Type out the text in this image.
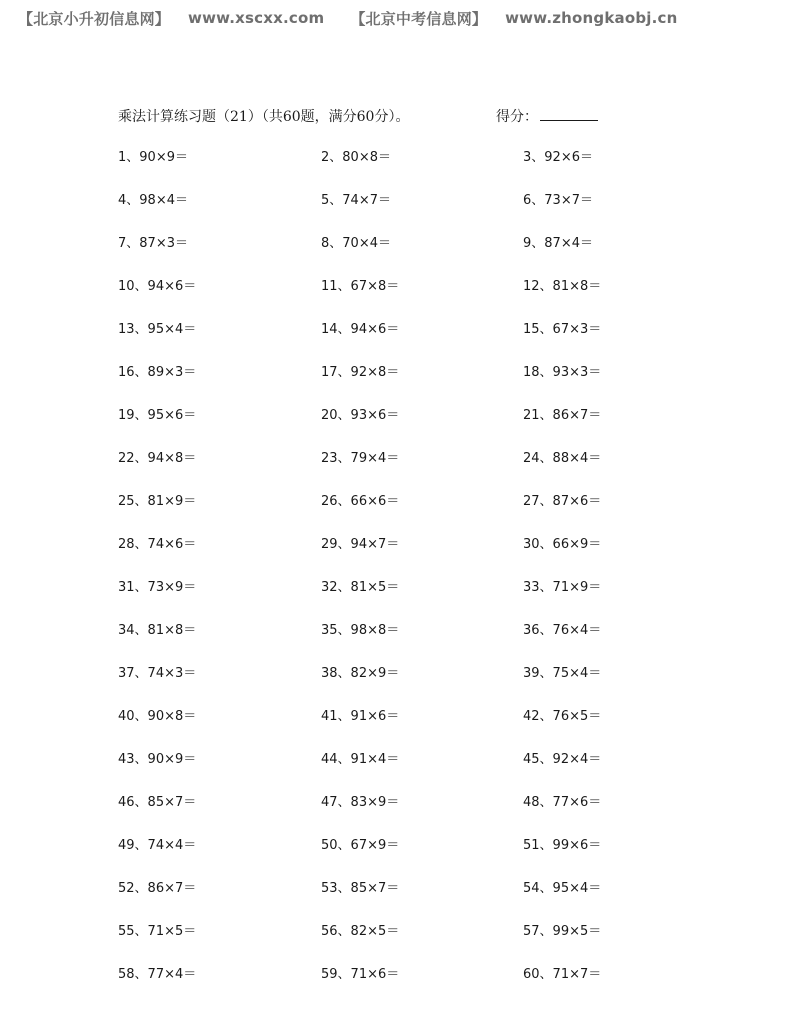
【北京小升初信息网】 www.xscxx.com 【北京中考信息网】 www.zhongkaobj.cn
乘法计算练习题（21）（共60题，满分60分）。	得分：
1、90×9＝	2、80×8＝	3、92×6＝
4、98×4＝	5、74×7＝	6、73×7＝
7、87×3＝	8、70×4＝	9、87×4＝
10、94×6＝	11、67×8＝	12、81×8＝
13、95×4＝	14、94×6＝	15、67×3＝
16、89×3＝	17、92×8＝	18、93×3＝
19、95×6＝	20、93×6＝	21、86×7＝
22、94×8＝	23、79×4＝	24、88×4＝
25、81×9＝	26、66×6＝	27、87×6＝
28、74×6＝	29、94×7＝	30、66×9＝
31、73×9＝	32、81×5＝	33、71×9＝
34、81×8＝	35、98×8＝	36、76×4＝
37、74×3＝	38、82×9＝	39、75×4＝
40、90×8＝	41、91×6＝	42、76×5＝
43、90×9＝	44、91×4＝	45、92×4＝
46、85×7＝	47、83×9＝	48、77×6＝
49、74×4＝	50、67×9＝	51、99×6＝
52、86×7＝	53、85×7＝	54、95×4＝
55、71×5＝	56、82×5＝	57、99×5＝
58、77×4＝	59、71×6＝	60、71×7＝
